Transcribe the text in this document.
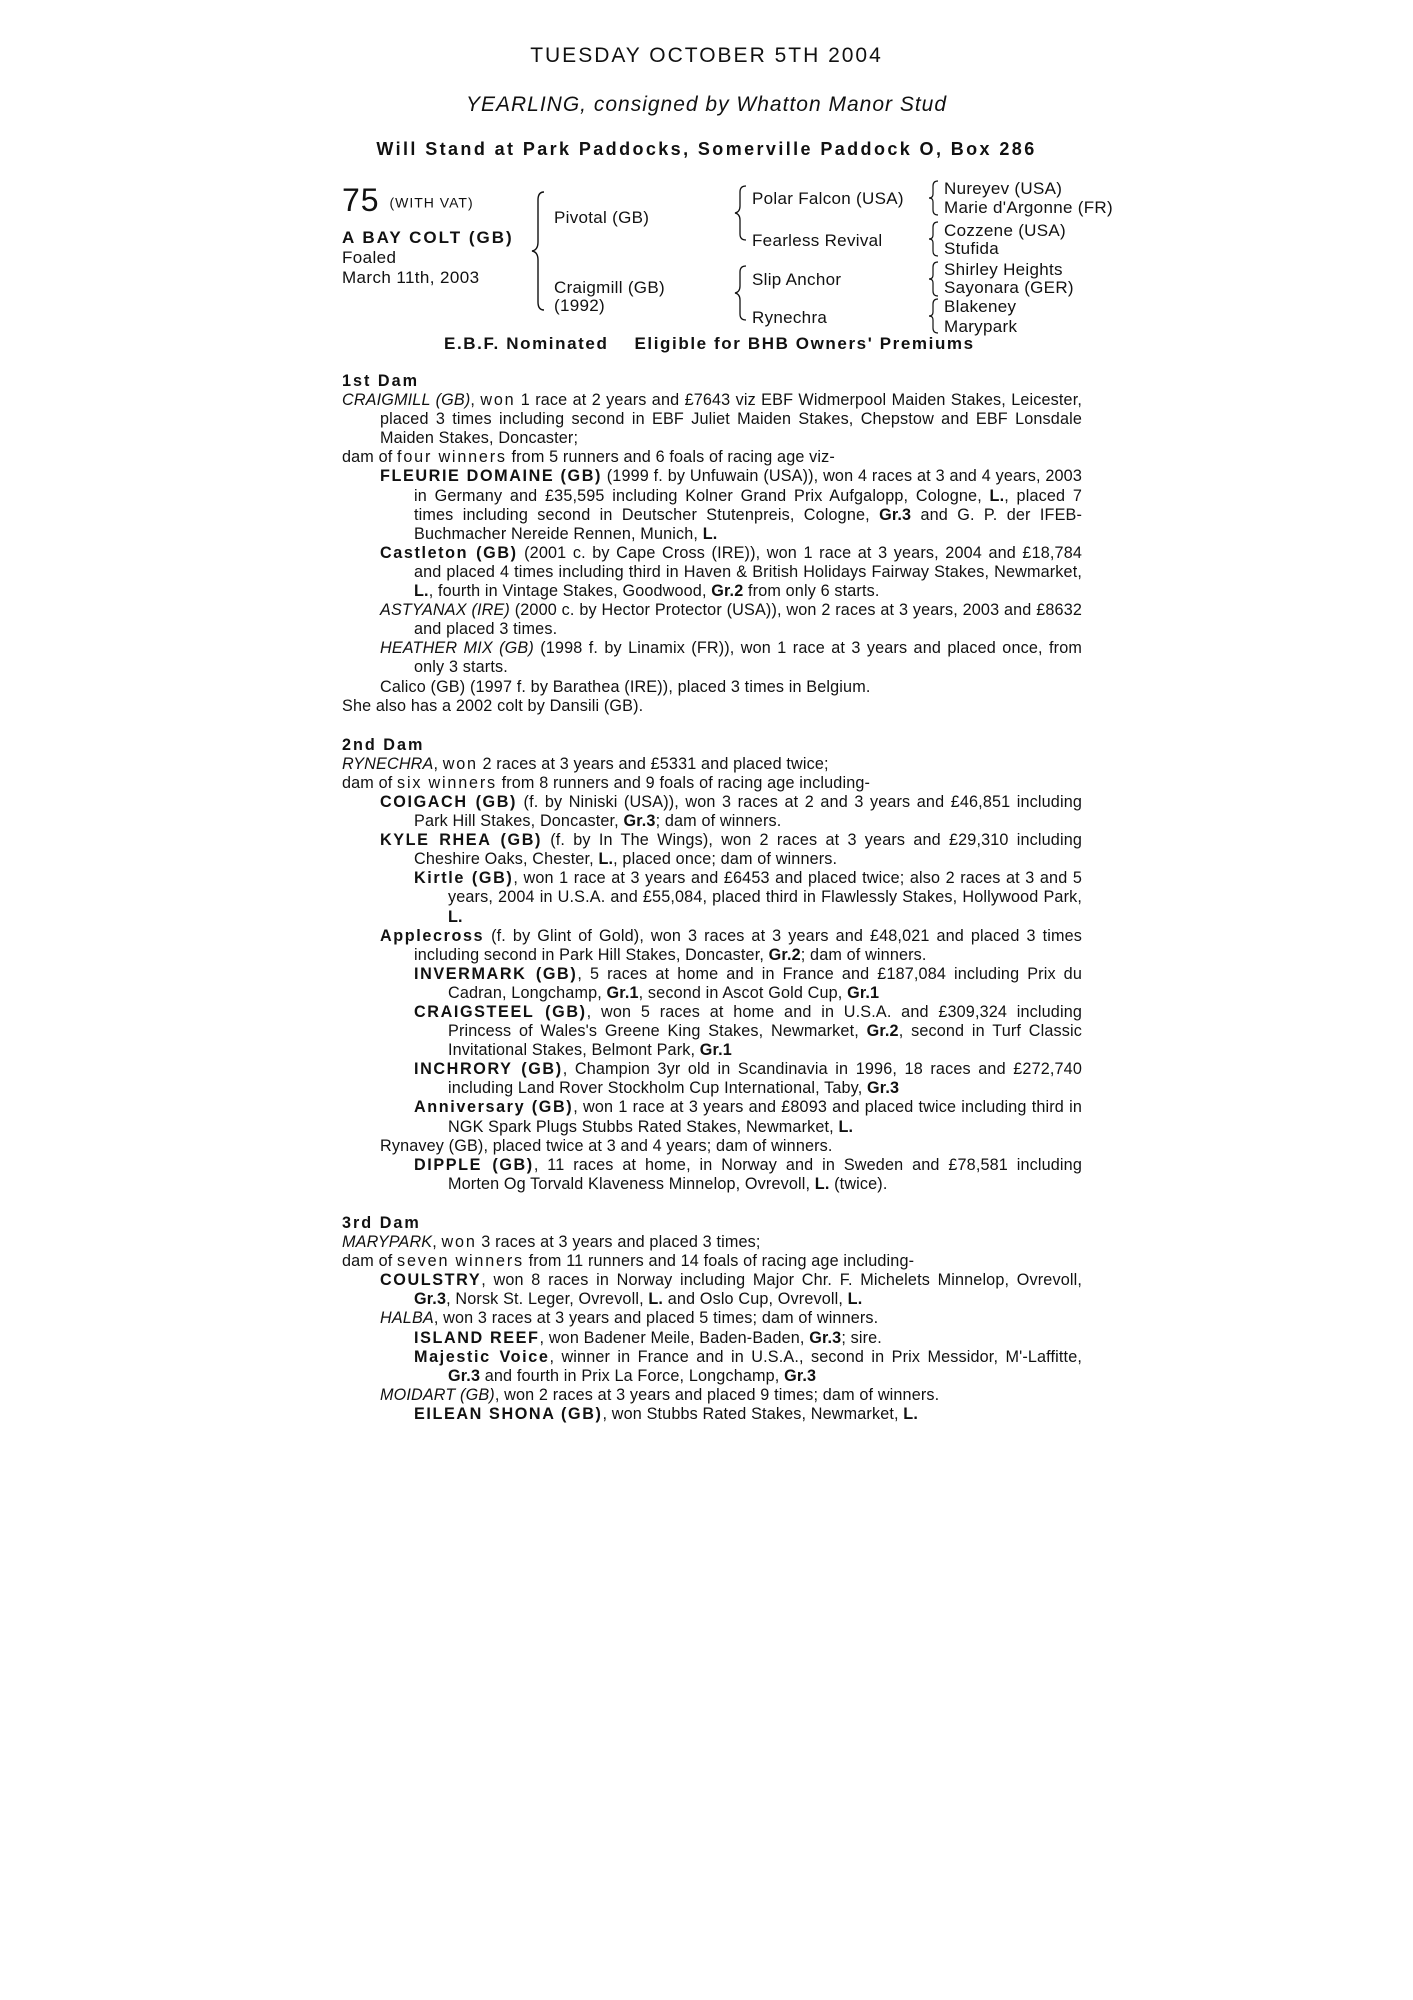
TUESDAY OCTOBER 5TH 2004
YEARLING, consigned by Whatton Manor Stud
Will Stand at Park Paddocks, Somerville Paddock O, Box 286
75 (WITH VAT)
A BAY COLT (GB)
Foaled
March 11th, 2003
Pivotal (GB)
Craigmill (GB)
(1992)
Polar Falcon (USA)
Fearless Revival
Slip Anchor
Rynechra
Nureyev (USA)
Marie d'Argonne (FR)
Cozzene (USA)
Stufida
Shirley Heights
Sayonara (GER)
Blakeney
Marypark
E.B.F. Nominated Eligible for BHB Owners' Premiums

1st Dam

CRAIGMILL (GB), won 1 race at 2 years and £7643 viz EBF Widmerpool Maiden Stakes, Leicester, placed 3 times including second in EBF Juliet Maiden Stakes, Chepstow and EBF Lonsdale Maiden Stakes, Doncaster;

dam of four winners from 5 runners and 6 foals of racing age viz-

FLEURIE DOMAINE (GB) (1999 f. by Unfuwain (USA)), won 4 races at 3 and 4 years, 2003 in Germany and £35,595 including Kolner Grand Prix Aufgalopp, Cologne, L., placed 7 times including second in Deutscher Stutenpreis, Cologne, Gr.3 and G. P. der IFEB-Buchmacher Nereide Rennen, Munich, L.

Castleton (GB) (2001 c. by Cape Cross (IRE)), won 1 race at 3 years, 2004 and £18,784 and placed 4 times including third in Haven & British Holidays Fairway Stakes, Newmarket, L., fourth in Vintage Stakes, Goodwood, Gr.2 from only 6 starts.

ASTYANAX (IRE) (2000 c. by Hector Protector (USA)), won 2 races at 3 years, 2003 and £8632 and placed 3 times.

HEATHER MIX (GB) (1998 f. by Linamix (FR)), won 1 race at 3 years and placed once, from only 3 starts.

Calico (GB) (1997 f. by Barathea (IRE)), placed 3 times in Belgium.

She also has a 2002 colt by Dansili (GB).

2nd Dam

RYNECHRA, won 2 races at 3 years and £5331 and placed twice;

dam of six winners from 8 runners and 9 foals of racing age including-

COIGACH (GB) (f. by Niniski (USA)), won 3 races at 2 and 3 years and £46,851 including Park Hill Stakes, Doncaster, Gr.3; dam of winners.

KYLE RHEA (GB) (f. by In The Wings), won 2 races at 3 years and £29,310 including Cheshire Oaks, Chester, L., placed once; dam of winners.

Kirtle (GB), won 1 race at 3 years and £6453 and placed twice; also 2 races at 3 and 5 years, 2004 in U.S.A. and £55,084, placed third in Flawlessly Stakes, Hollywood Park, L.

Applecross (f. by Glint of Gold), won 3 races at 3 years and £48,021 and placed 3 times including second in Park Hill Stakes, Doncaster, Gr.2; dam of winners.

INVERMARK (GB), 5 races at home and in France and £187,084 including Prix du Cadran, Longchamp, Gr.1, second in Ascot Gold Cup, Gr.1

CRAIGSTEEL (GB), won 5 races at home and in U.S.A. and £309,324 including Princess of Wales's Greene King Stakes, Newmarket, Gr.2, second in Turf Classic Invitational Stakes, Belmont Park, Gr.1

INCHRORY (GB), Champion 3yr old in Scandinavia in 1996, 18 races and £272,740 including Land Rover Stockholm Cup International, Taby, Gr.3

Anniversary (GB), won 1 race at 3 years and £8093 and placed twice including third in NGK Spark Plugs Stubbs Rated Stakes, Newmarket, L.

Rynavey (GB), placed twice at 3 and 4 years; dam of winners.

DIPPLE (GB), 11 races at home, in Norway and in Sweden and £78,581 including Morten Og Torvald Klaveness Minnelop, Ovrevoll, L. (twice).

3rd Dam

MARYPARK, won 3 races at 3 years and placed 3 times;

dam of seven winners from 11 runners and 14 foals of racing age including-

COULSTRY, won 8 races in Norway including Major Chr. F. Michelets Minnelop, Ovrevoll, Gr.3, Norsk St. Leger, Ovrevoll, L. and Oslo Cup, Ovrevoll, L.

HALBA, won 3 races at 3 years and placed 5 times; dam of winners.

ISLAND REEF, won Badener Meile, Baden-Baden, Gr.3; sire.

Majestic Voice, winner in France and in U.S.A., second in Prix Messidor, M'-Laffitte, Gr.3 and fourth in Prix La Force, Longchamp, Gr.3

MOIDART (GB), won 2 races at 3 years and placed 9 times; dam of winners.

EILEAN SHONA (GB), won Stubbs Rated Stakes, Newmarket, L.
